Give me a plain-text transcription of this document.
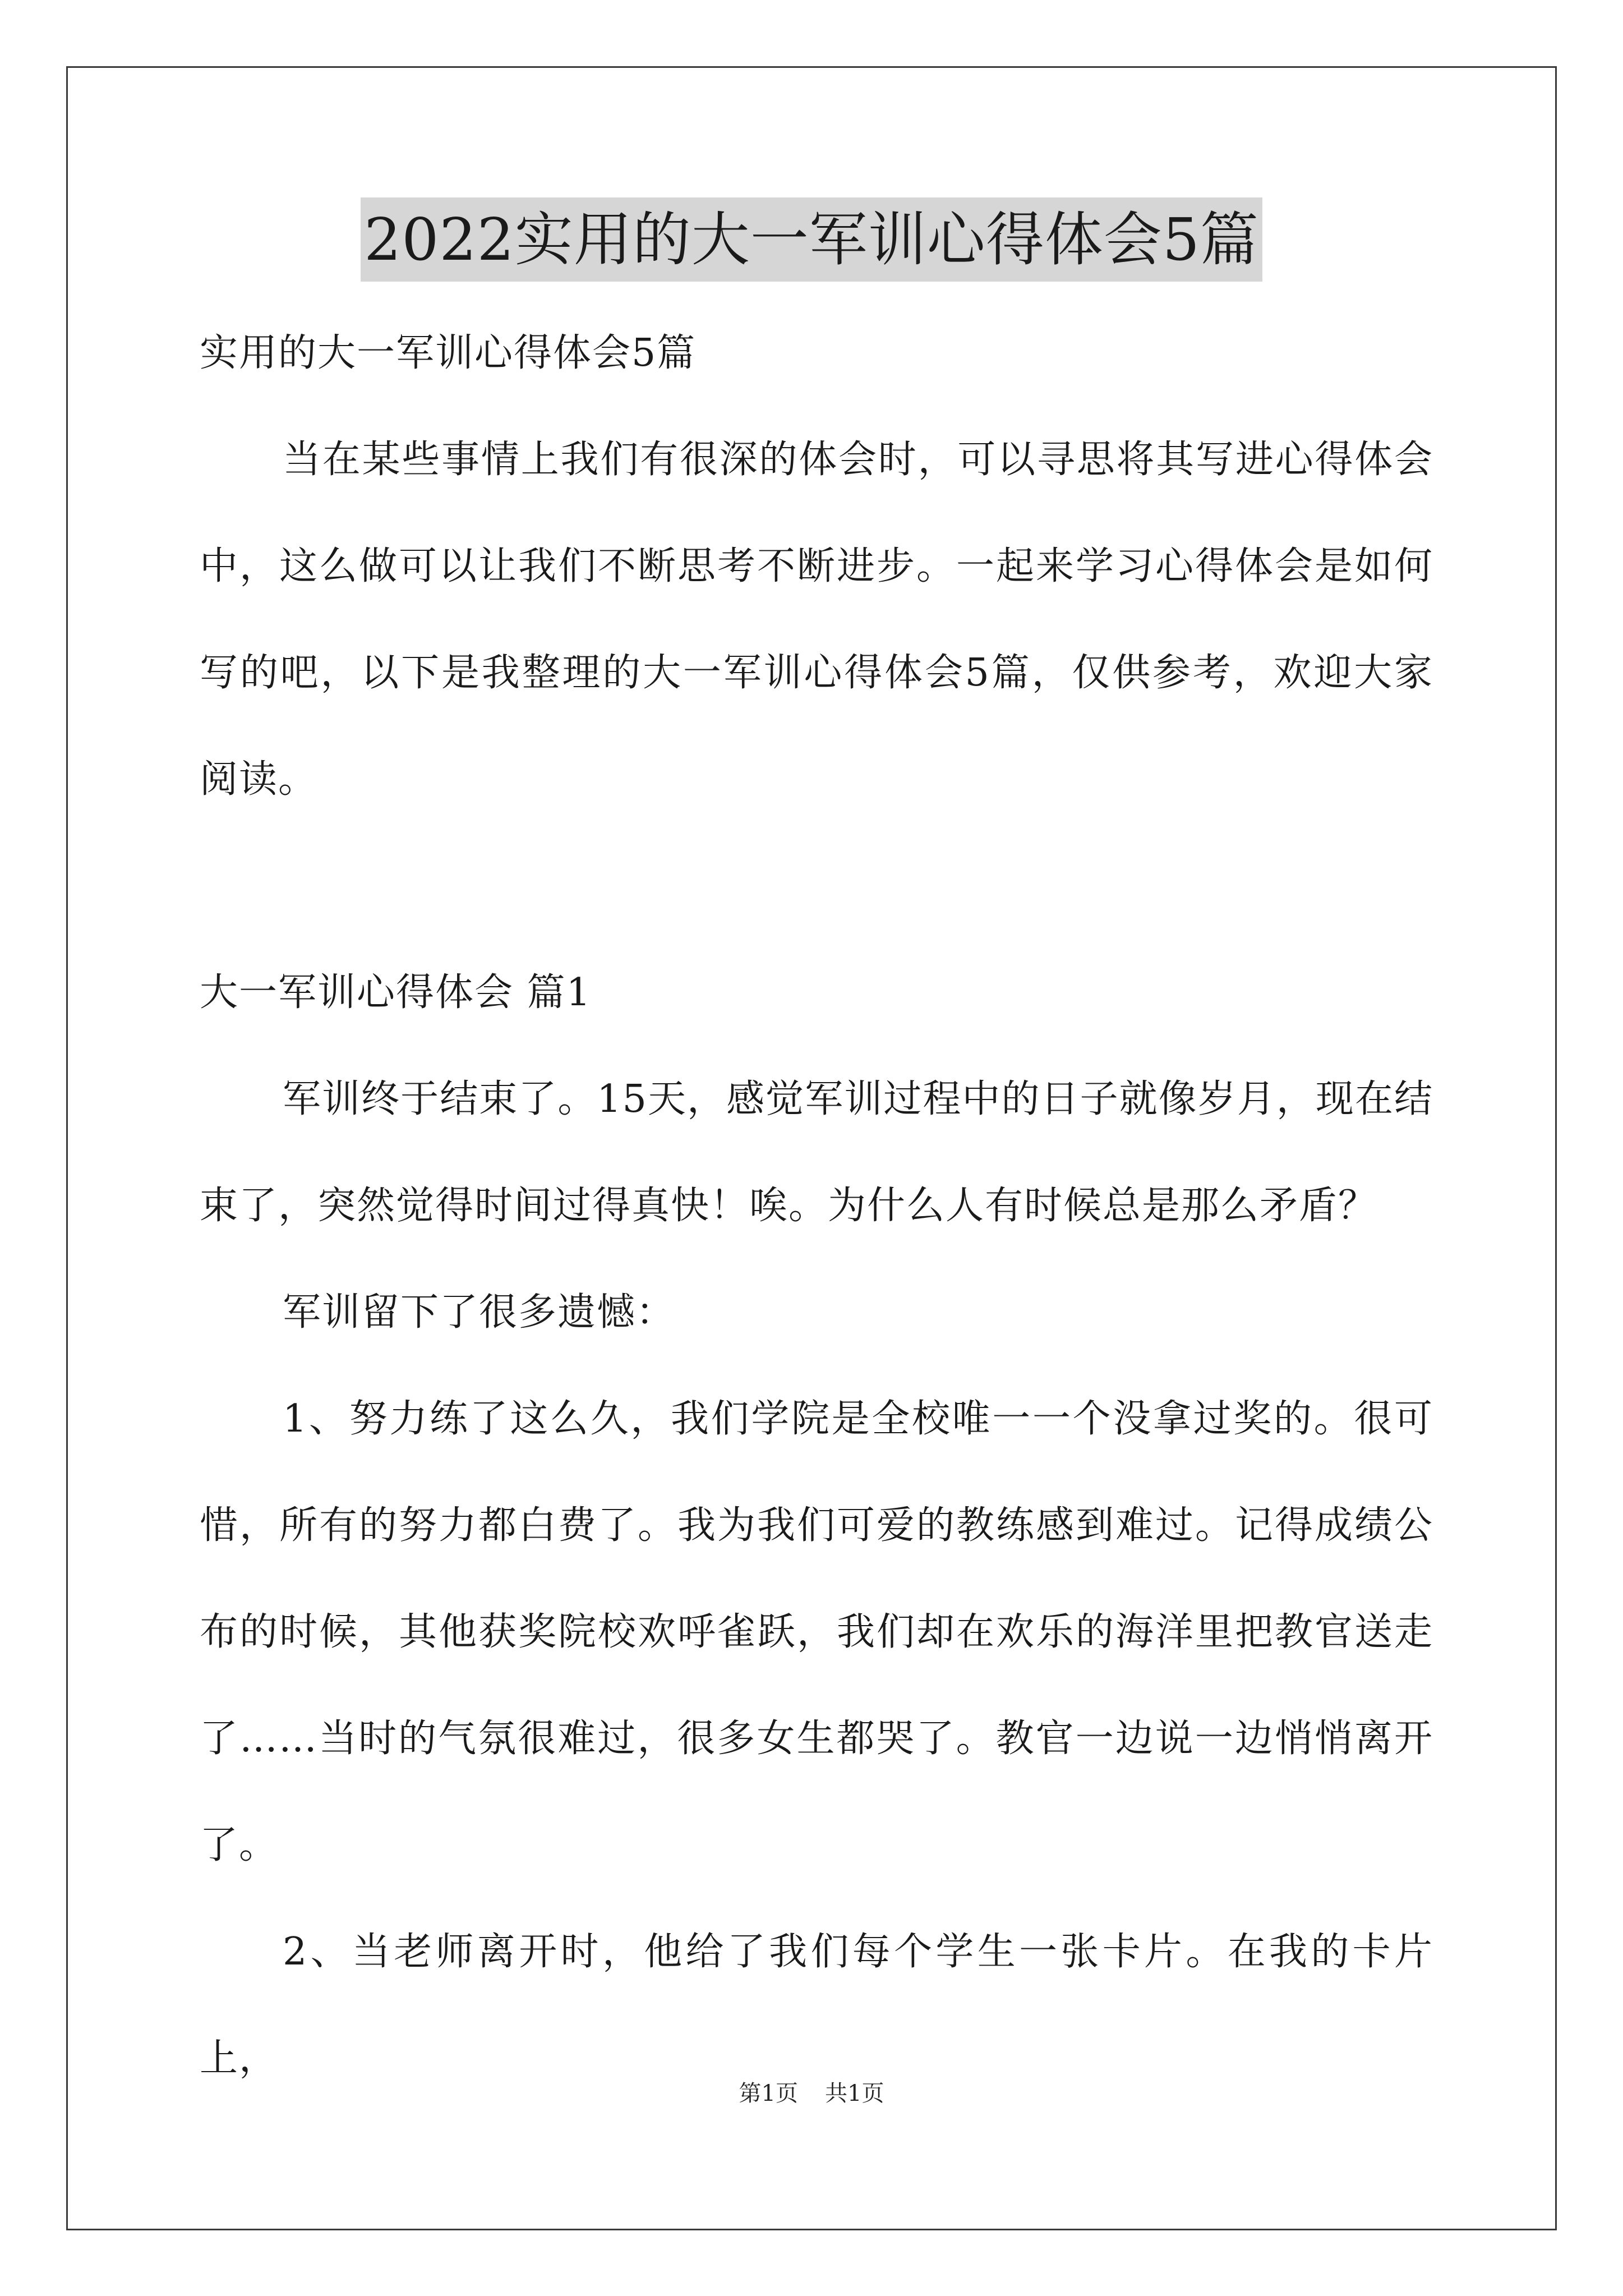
2022实用的大一军训心得体会5篇

实用的大一军训心得体会5篇

当在某些事情上我们有很深的体会时，可以寻思将其写进心得体会中，这么做可以让我们不断思考不断进步。一起来学习心得体会是如何写的吧，以下是我整理的大一军训心得体会5篇，仅供参考，欢迎大家阅读。

大一军训心得体会 篇1

军训终于结束了。15天，感觉军训过程中的日子就像岁月，现在结束了，突然觉得时间过得真快！唉。为什么人有时候总是那么矛盾？

军训留下了很多遗憾：

1、努力练了这么久，我们学院是全校唯一一个没拿过奖的。很可惜，所有的努力都白费了。我为我们可爱的教练感到难过。记得成绩公布的时候，其他获奖院校欢呼雀跃，我们却在欢乐的海洋里把教官送走了……当时的气氛很难过，很多女生都哭了。教官一边说一边悄悄离开了。

2、当老师离开时，他给了我们每个学生一张卡片。在我的卡片上，

第1页 共1页
